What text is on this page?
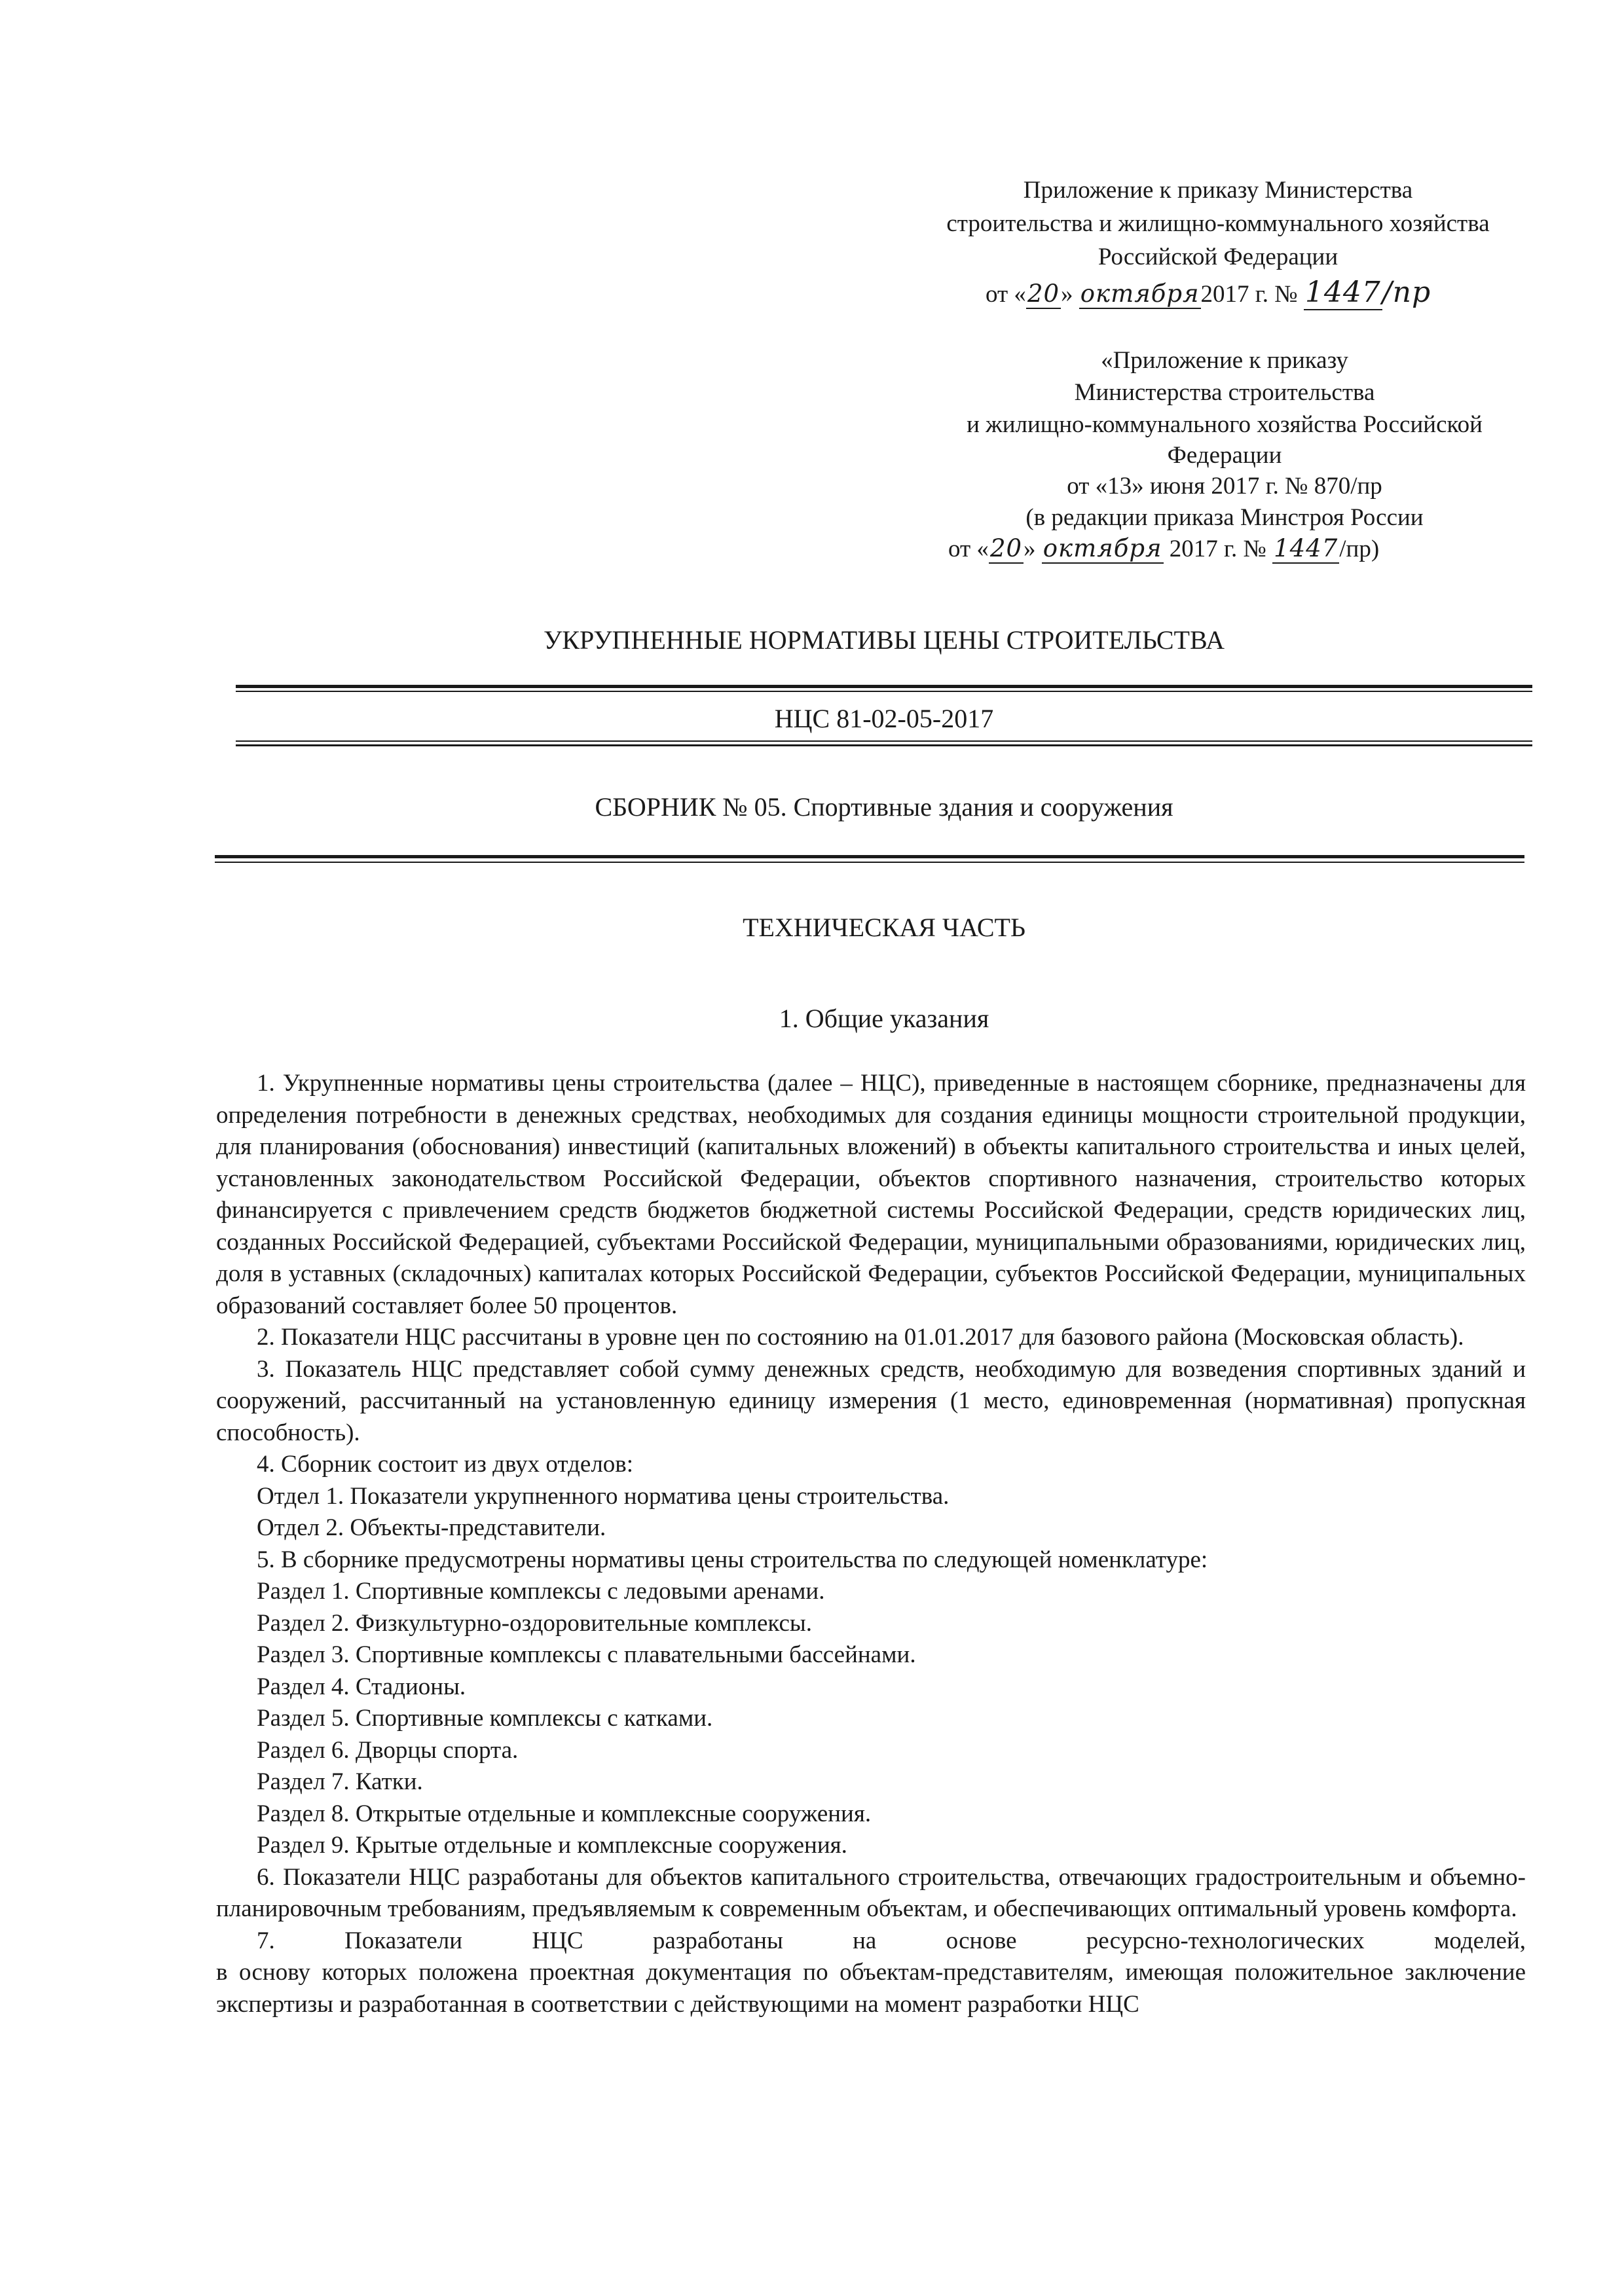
Приложение к приказу Министерства
строительства и жилищно-коммунального хозяйства
Российской Федерации
от «20» октября2017 г. № 1447/пр
«Приложение к приказу
Министерства строительства
и жилищно-коммунального хозяйства Российской
Федерации
от «13» июня 2017 г. № 870/пр
(в редакции приказа Минстроя России
от «20» октября 2017 г. № 1447/пр)
УКРУПНЕННЫЕ НОРМАТИВЫ ЦЕНЫ СТРОИТЕЛЬСТВА
НЦС 81-02-05-2017
СБОРНИК № 05. Спортивные здания и сооружения
ТЕХНИЧЕСКАЯ ЧАСТЬ
1. Общие указания

1. Укрупненные нормативы цены строительства (далее – НЦС), приведенные в настоящем сборнике, предназначены для определения потребности в денежных средствах, необходимых для создания единицы мощности строительной продукции, для планирования (обоснования) инвестиций (капитальных вложений) в объекты капитального строительства и иных целей, установленных законодательством Российской Федерации, объектов спортивного назначения, строительство которых финансируется с привлечением средств бюджетов бюджетной системы Российской Федерации, средств юридических лиц, созданных Российской Федерацией, субъектами Российской Федерации, муниципальными образованиями, юридических лиц, доля в уставных (складочных) капиталах которых Российской Федерации, субъектов Российской Федерации, муниципальных образований составляет более 50 процентов.

2. Показатели НЦС рассчитаны в уровне цен по состоянию на 01.01.2017 для базового района (Московская область).

3. Показатель НЦС представляет собой сумму денежных средств, необходимую для возведения спортивных зданий и сооружений, рассчитанный на установленную единицу измерения (1 место, единовременная (нормативная) пропускная способность).

4. Сборник состоит из двух отделов:

Отдел 1. Показатели укрупненного норматива цены строительства.

Отдел 2. Объекты-представители.

5. В сборнике предусмотрены нормативы цены строительства по следующей номенклатуре:

Раздел 1. Спортивные комплексы с ледовыми аренами.

Раздел 2. Физкультурно-оздоровительные комплексы.

Раздел 3. Спортивные комплексы с плавательными бассейнами.

Раздел 4. Стадионы.

Раздел 5. Спортивные комплексы с катками.

Раздел 6. Дворцы спорта.

Раздел 7. Катки.

Раздел 8. Открытые отдельные и комплексные сооружения.

Раздел 9. Крытые отдельные и комплексные сооружения.

6. Показатели НЦС разработаны для объектов капитального строительства, отвечающих градостроительным и объемно-планировочным требованиям, предъявляемым к современным объектам, и обеспечивающих оптимальный уровень комфорта.

7. Показатели НЦС разработаны на основе ресурсно-технологических моделей,

в основу которых положена проектная документация по объектам-представителям, имеющая положительное заключение экспертизы и разработанная в соответствии с действующими на момент разработки НЦС
